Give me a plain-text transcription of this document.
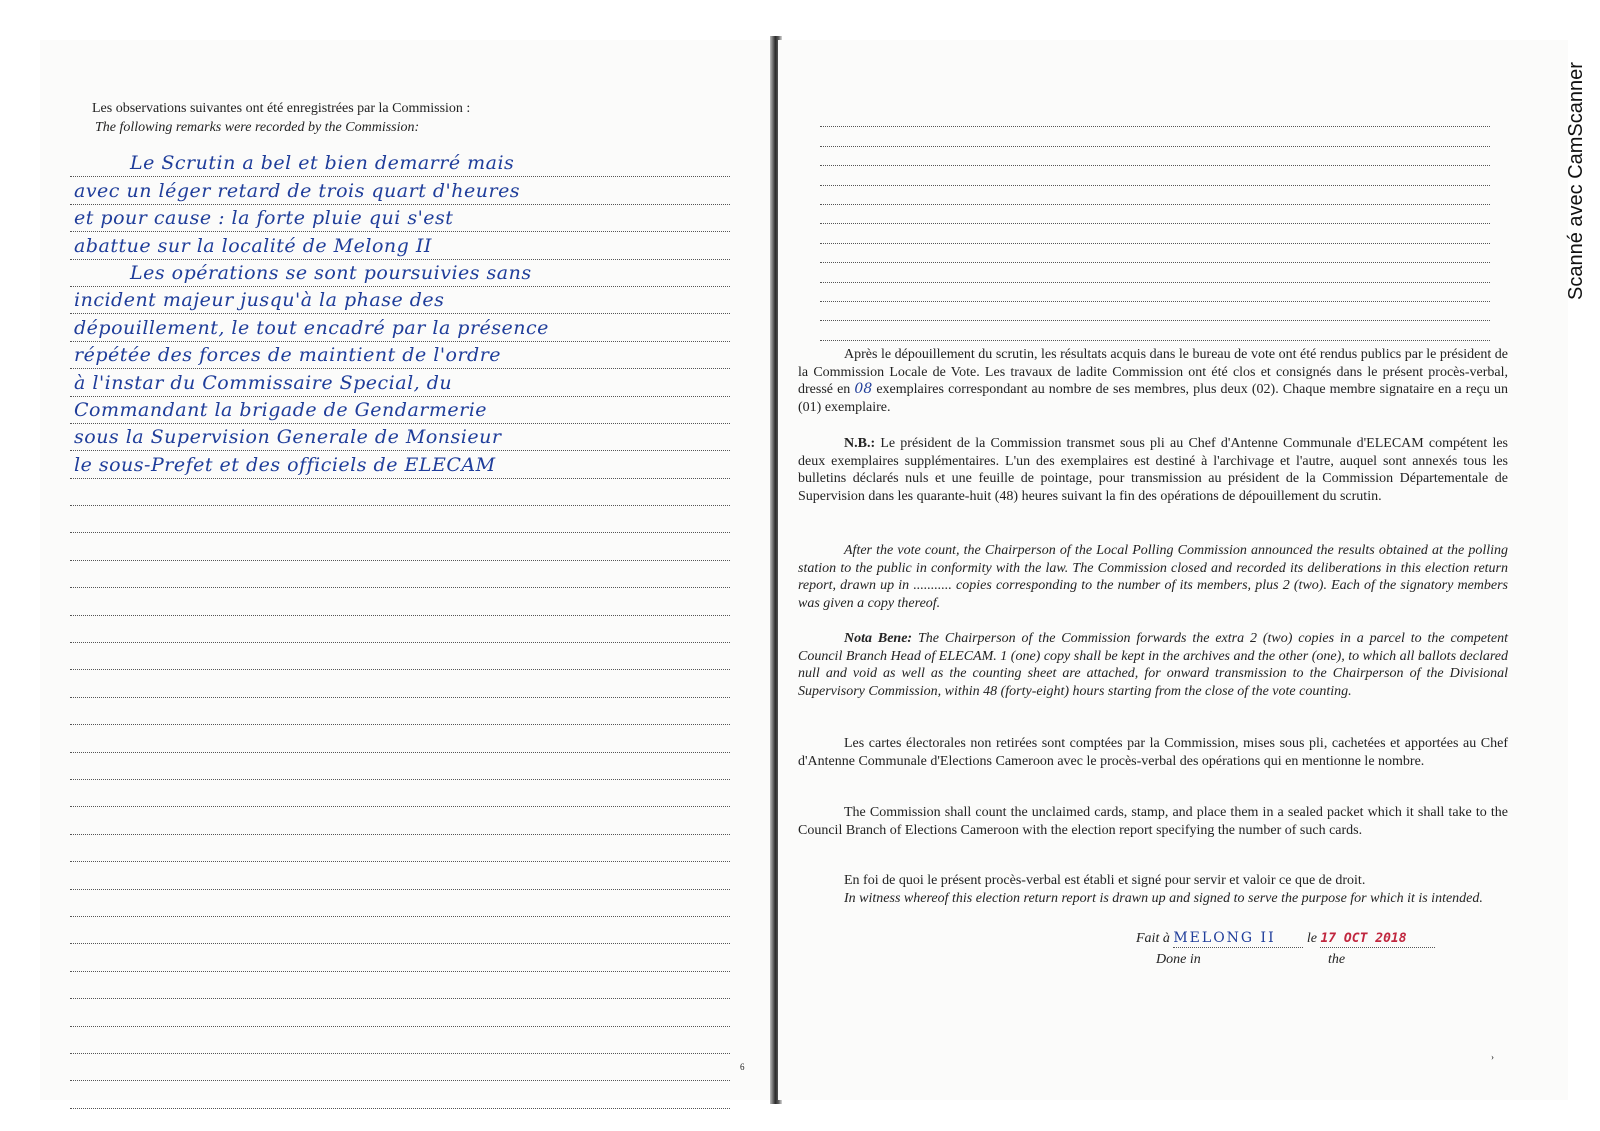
Les observations suivantes ont été enregistrées par la Commission :
The following remarks were recorded by the Commission:
Le Scrutin a bel et bien demarré mais
avec un léger retard de trois quart d'heures
et pour cause : la forte pluie qui s'est
abattue sur la localité de Melong II
Les opérations se sont poursuivies sans
incident majeur jusqu'à la phase des
dépouillement, le tout encadré par la présence
répétée des forces de maintient de l'ordre
à l'instar du Commissaire Special, du
Commandant la brigade de Gendarmerie
sous la Supervision Generale de Monsieur
le sous-Prefet et des officiels de ELECAM
6

Après le dépouillement du scrutin, les résultats acquis dans le bureau de vote ont été rendus publics par le président de la Commission Locale de Vote. Les travaux de ladite Commission ont été clos et consignés dans le présent procès-verbal, dressé en 08 exemplaires correspondant au nombre de ses membres, plus deux (02). Chaque membre signataire en a reçu un (01) exemplaire.

N.B.: Le président de la Commission transmet sous pli au Chef d'Antenne Communale d'ELECAM compétent les deux exemplaires supplémentaires. L'un des exemplaires est destiné à l'archivage et l'autre, auquel sont annexés tous les bulletins déclarés nuls et une feuille de pointage, pour transmission au président de la Commission Départementale de Supervision dans les quarante-huit (48) heures suivant la fin des opérations de dépouillement du scrutin.

After the vote count, the Chairperson of the Local Polling Commission announced the results obtained at the polling station to the public in conformity with the law. The Commission closed and recorded its deliberations in this election return report, drawn up in ........... copies corresponding to the number of its members, plus 2 (two). Each of the signatory members was given a copy thereof.

Nota Bene: The Chairperson of the Commission forwards the extra 2 (two) copies in a parcel to the competent Council Branch Head of ELECAM. 1 (one) copy shall be kept in the archives and the other (one), to which all ballots declared null and void as well as the counting sheet are attached, for onward transmission to the Chairperson of the Divisional Supervisory Commission, within 48 (forty-eight) hours starting from the close of the vote counting.

Les cartes électorales non retirées sont comptées par la Commission, mises sous pli, cachetées et apportées au Chef d'Antenne Communale d'Elections Cameroon avec le procès-verbal des opérations qui en mentionne le nombre.

The Commission shall count the unclaimed cards, stamp, and place them in a sealed packet which it shall take to the Council Branch of Elections Cameroon with the election report specifying the number of such cards.

En foi de quoi le présent procès-verbal est établi et signé pour servir et valoir ce que de droit.

In witness whereof this election return report is drawn up and signed to serve the purpose for which it is intended.

Fait à MELONG II le 17 OCT 2018
Done in	the
›
Scanné avec CamScanner
